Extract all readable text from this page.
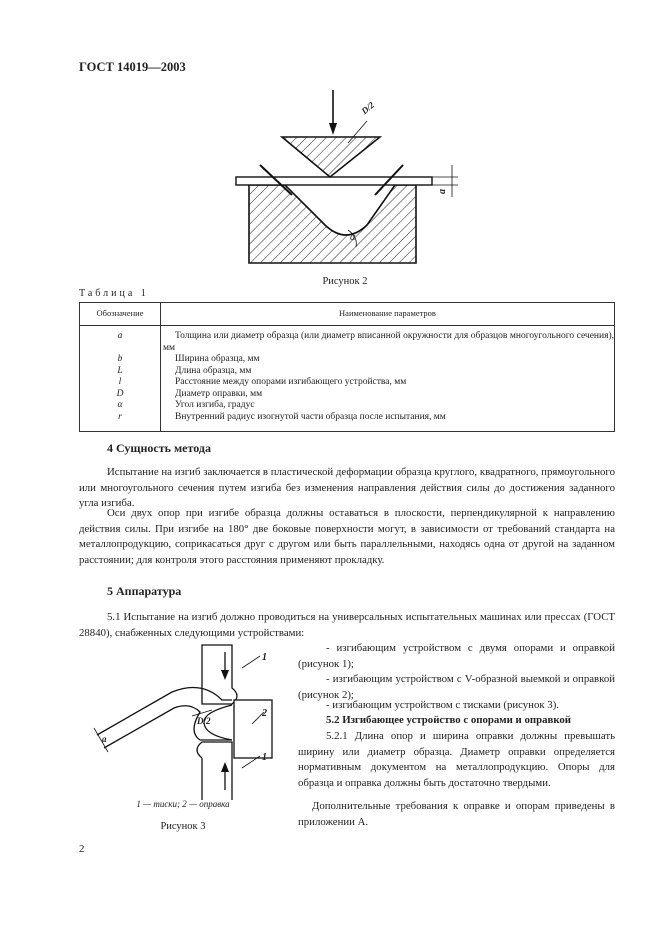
ГОСТ 14019—2003
D/2
a
α
Рисунок 2
Таблица 1
Обозначение	Наименование параметров
a	Толщина или диаметр образца (или диаметр вписанной окружности для образцов многоугольного сечения), мм
b	Ширина образца, мм
L	Длина образца, мм
l	Расстояние между опорами изгибающего устройства, мм
D	Диаметр оправки, мм
α	Угол изгиба, градус
r	Внутренний радиус изогнутой части образца после испытания, мм
4 Сущность метода
Испытание на изгиб заключается в пластической деформации образца круглого, квадратного, прямоугольного или многоугольного сечения путем изгиба без изменения направления действия силы до достижения заданного угла изгиба.
Оси двух опор при изгибе образца должны оставаться в плоскости, перпендикулярной к направлению действия силы. При изгибе на 180° две боковые поверхности могут, в зависимости от требований стандарта на металлопродукцию, соприкасаться друг с другом или быть параллельными, находясь одна от другой на заданном расстоянии; для контроля этого расстояния применяют прокладку.
5 Аппаратура
5.1 Испытание на изгиб должно проводиться на универсальных испытательных машинах или прессах (ГОСТ 28840), снабженных следующими устройствами:
- изгибающим устройством с двумя опорами и оправкой (рисунок 1);
- изгибающим устройством с V-образной выемкой и оправкой (рисунок 2);
- изгибающим устройством с тисками (рисунок 3).
5.2 Изгибающее устройство с опорами и оправкой
5.2.1 Длина опор и ширина оправки должны превышать ширину или диаметр образца. Диаметр оправки определяется нормативным документом на металлопродукцию. Опоры для образца и оправка должны быть достаточно твердыми.
Дополнительные требования к оправке и опорам приведены в приложении А.
1
2
1
D/2
a
1 — тиски; 2 — оправка
Рисунок 3
2
